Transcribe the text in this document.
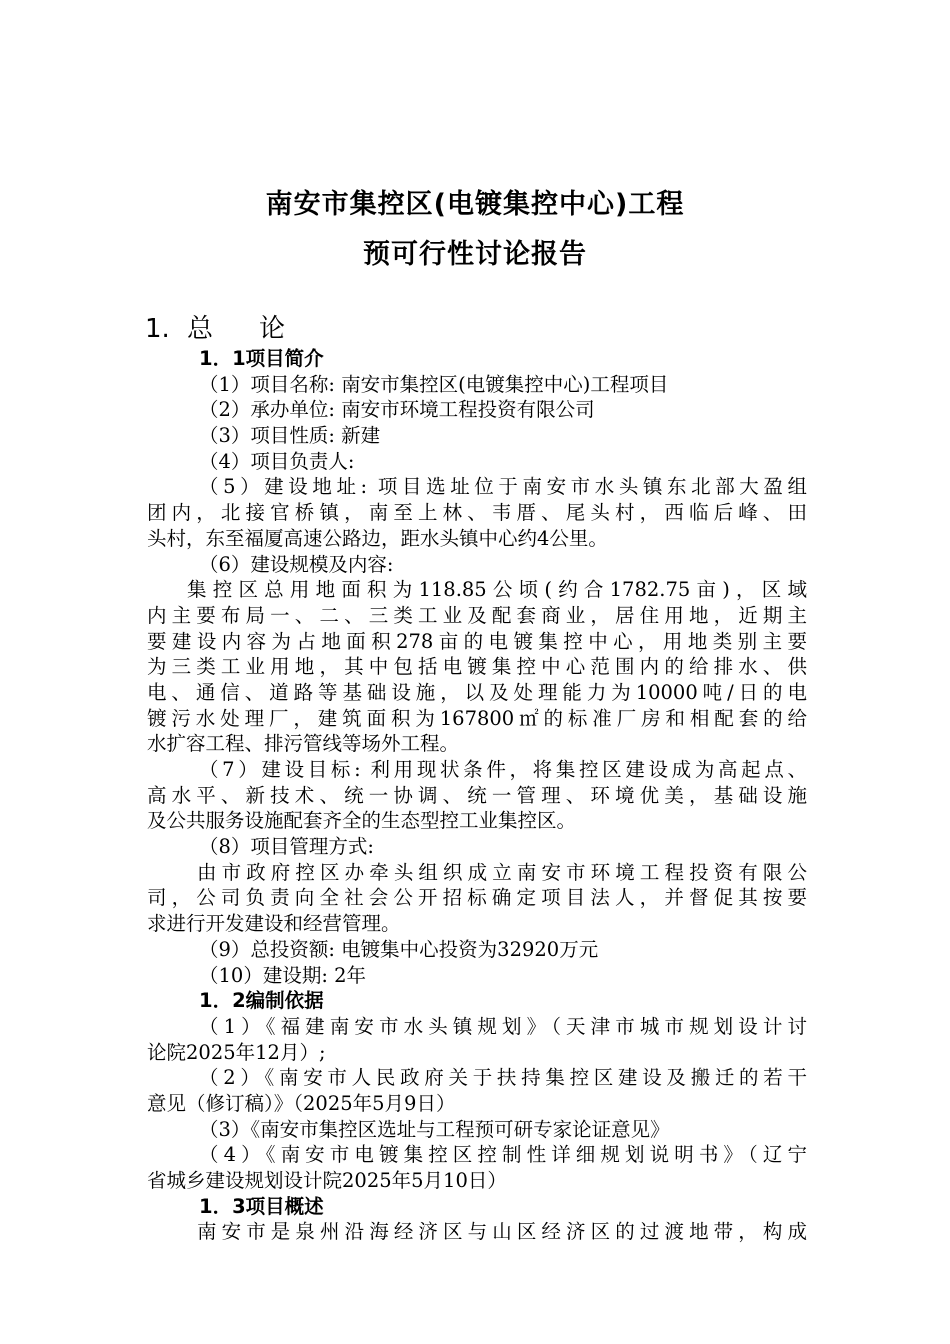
南安市集控区(电镀集控中心)工程
预可行性讨论报告
1. 总 论
1．1项目简介
（1）项目名称: 南安市集控区(电镀集控中心)工程项目
（2）承办单位: 南安市环境工程投资有限公司
（3）项目性质: 新建
（4）项目负责人:
（5）建设地址: 项目选址位于南安市水头镇东北部大盈组
团内，北接官桥镇，南至上林、韦厝、尾头村，西临后峰、田
头村，东至福厦高速公路边，距水头镇中心约4公里。
（6）建设规模及内容:
集控区总用地面积为118.85公顷(约合1782.75亩)，区域
内主要布局一、二、三类工业及配套商业，居住用地，近期主
要建设内容为占地面积278亩的电镀集控中心，用地类别主要
为三类工业用地，其中包括电镀集控中心范围内的给排水、供
电、通信、道路等基础设施，以及处理能力为10000吨/日的电
镀污水处理厂，建筑面积为167800㎡的标准厂房和相配套的给
水扩容工程、排污管线等场外工程。
（7）建设目标: 利用现状条件，将集控区建设成为高起点、
高水平、新技术、统一协调、统一管理、环境优美，基础设施
及公共服务设施配套齐全的生态型控工业集控区。
（8）项目管理方式:
由市政府控区办牵头组织成立南安市环境工程投资有限公
司，公司负责向全社会公开招标确定项目法人，并督促其按要
求进行开发建设和经营管理。
（9）总投资额: 电镀集中心投资为32920万元
（10）建设期: 2年
1．2编制依据
（1）《福建南安市水头镇规划》（天津市城市规划设计讨
论院2025年12月）;
（2）《南安市人民政府关于扶持集控区建设及搬迁的若干
意见（修订稿）》（2025年5月9日）
（3）《南安市集控区选址与工程预可研专家论证意见》
（4）《南安市电镀集控区控制性详细规划说明书》（辽宁
省城乡建设规划设计院2025年5月10日）
1．3项目概述
南安市是泉州沿海经济区与山区经济区的过渡地带，构成
